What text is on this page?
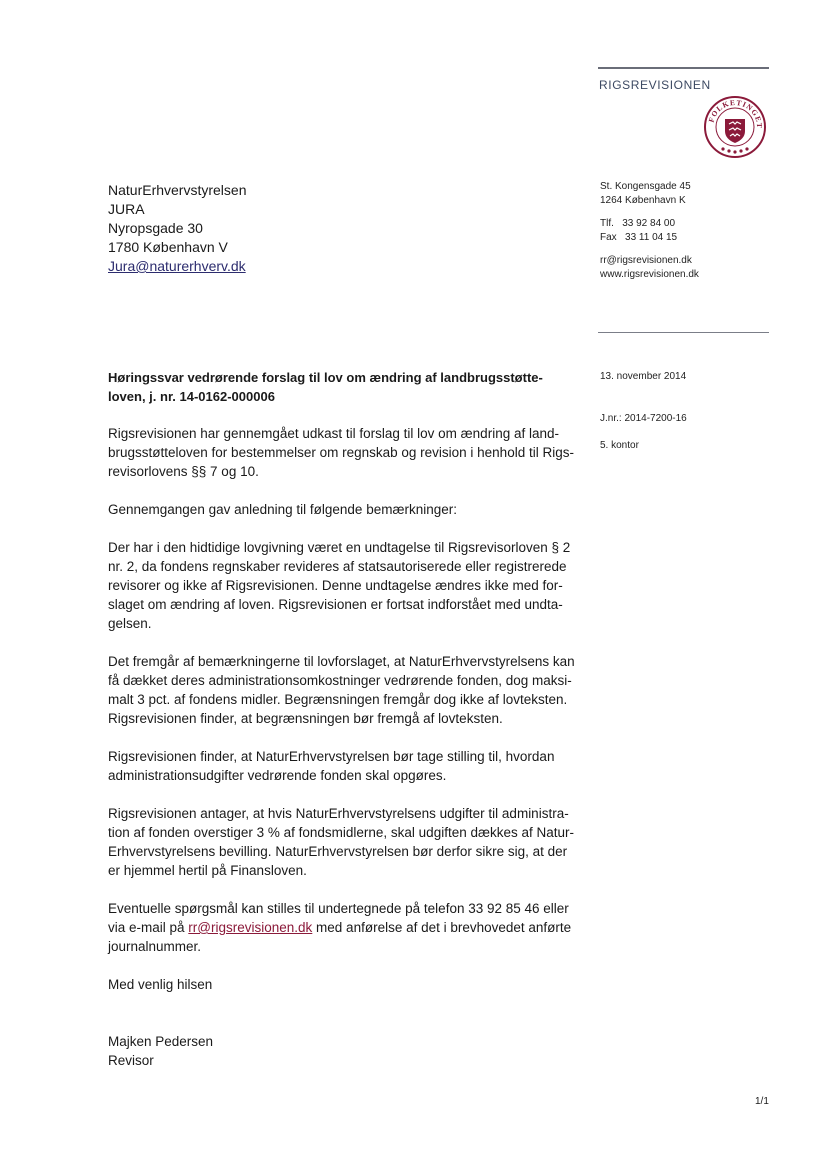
RIGSREVISIONEN
FOLKETINGET
NaturErhvervstyrelsen
JURA
Nyropsgade 30
1780 København V
Jura@naturerhverv.dk
St. Kongensgade 45
1264 København K
Tlf.   33 92 84 00
Fax   33 11 04 15
rr@rigsrevisionen.dk
www.rigsrevisionen.dk
13. november 2014
J.nr.: 2014-7200-16
5. kontor
Høringssvar vedrørende forslag til lov om ændring af landbrugsstøtte-loven, j. nr. 14-0162-000006

Rigsrevisionen har gennemgået udkast til forslag til lov om ændring af land-brugsstøtteloven for bestemmelser om regnskab og revision i henhold til Rigs-revisorlovens §§ 7 og 10.

Gennemgangen gav anledning til følgende bemærkninger:

Der har i den hidtidige lovgivning været en undtagelse til Rigsrevisorloven § 2 nr. 2, da fondens regnskaber revideres af statsautoriserede eller registrerede revisorer og ikke af Rigsrevisionen. Denne undtagelse ændres ikke med for-slaget om ændring af loven. Rigsrevisionen er fortsat indforstået med undta-gelsen.

Det fremgår af bemærkningerne til lovforslaget, at NaturErhvervstyrelsens kan få dækket deres administrationsomkostninger vedrørende fonden, dog maksi-malt 3 pct. af fondens midler. Begrænsningen fremgår dog ikke af lovteksten. Rigsrevisionen finder, at begrænsningen bør fremgå af lovteksten.

Rigsrevisionen finder, at NaturErhvervstyrelsen bør tage stilling til, hvordan administrationsudgifter vedrørende fonden skal opgøres.

Rigsrevisionen antager, at hvis NaturErhvervstyrelsens udgifter til administra-tion af fonden overstiger 3 % af fondsmidlerne, skal udgiften dækkes af Natur-Erhvervstyrelsens bevilling. NaturErhvervstyrelsen bør derfor sikre sig, at der er hjemmel hertil på Finansloven.

Eventuelle spørgsmål kan stilles til undertegnede på telefon 33 92 85 46 eller via e-mail på rr@rigsrevisionen.dk med anførelse af det i brevhovedet anførte journalnummer.

Med venlig hilsen

Majken Pedersen
Revisor
1/1
